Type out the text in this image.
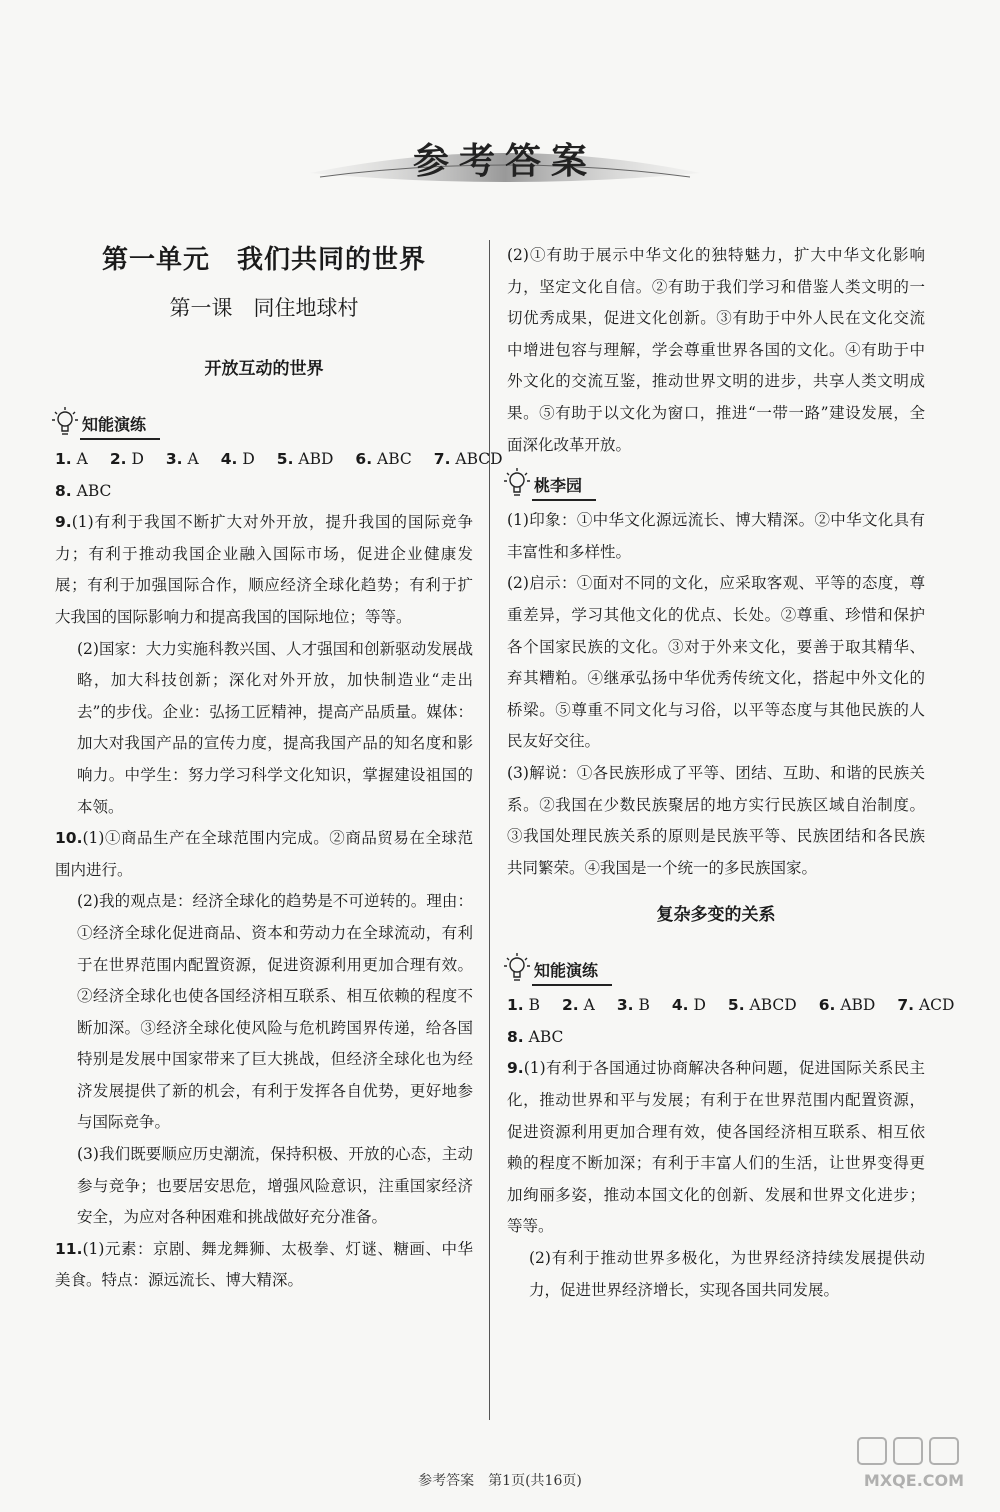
参考答案
第一单元　我们共同的世界
第一课　同住地球村
开放互动的世界
知能演练
1. A 2. D 3. A 4. D 5. ABD 6. ABC 7. ABCD

8. ABC

9.(1)有利于我国不断扩大对外开放，提升我国的国际竞争力；有利于推动我国企业融入国际市场，促进企业健康发展；有利于加强国际合作，顺应经济全球化趋势；有利于扩大我国的国际影响力和提高我国的国际地位；等等。

(2)国家：大力实施科教兴国、人才强国和创新驱动发展战略，加大科技创新；深化对外开放，加快制造业“走出去”的步伐。企业：弘扬工匠精神，提高产品质量。媒体：加大对我国产品的宣传力度，提高我国产品的知名度和影响力。中学生：努力学习科学文化知识，掌握建设祖国的本领。

10.(1)①商品生产在全球范围内完成。②商品贸易在全球范围内进行。

(2)我的观点是：经济全球化的趋势是不可逆转的。理由：①经济全球化促进商品、资本和劳动力在全球流动，有利于在世界范围内配置资源，促进资源利用更加合理有效。②经济全球化也使各国经济相互联系、相互依赖的程度不断加深。③经济全球化使风险与危机跨国界传递，给各国特别是发展中国家带来了巨大挑战，但经济全球化也为经济发展提供了新的机会，有利于发挥各自优势，更好地参与国际竞争。

(3)我们既要顺应历史潮流，保持积极、开放的心态，主动参与竞争；也要居安思危，增强风险意识，注重国家经济安全，为应对各种困难和挑战做好充分准备。

11.(1)元素：京剧、舞龙舞狮、太极拳、灯谜、糖画、中华美食。特点：源远流长、博大精深。

(2)①有助于展示中华文化的独特魅力，扩大中华文化影响力，坚定文化自信。②有助于我们学习和借鉴人类文明的一切优秀成果，促进文化创新。③有助于中外人民在文化交流中增进包容与理解，学会尊重世界各国的文化。④有助于中外文化的交流互鉴，推动世界文明的进步，共享人类文明成果。⑤有助于以文化为窗口，推进“一带一路”建设发展，全面深化改革开放。

桃李园

(1)印象：①中华文化源远流长、博大精深。②中华文化具有丰富性和多样性。

(2)启示：①面对不同的文化，应采取客观、平等的态度，尊重差异，学习其他文化的优点、长处。②尊重、珍惜和保护各个国家民族的文化。③对于外来文化，要善于取其精华、弃其糟粕。④继承弘扬中华优秀传统文化，搭起中外文化的桥梁。⑤尊重不同文化与习俗，以平等态度与其他民族的人民友好交往。

(3)解说：①各民族形成了平等、团结、互助、和谐的民族关系。②我国在少数民族聚居的地方实行民族区域自治制度。③我国处理民族关系的原则是民族平等、民族团结和各民族共同繁荣。④我国是一个统一的多民族国家。

复杂多变的关系
知能演练
1. B 2. A 3. B 4. D 5. ABCD 6. ABD 7. ACD

8. ABC

9.(1)有利于各国通过协商解决各种问题，促进国际关系民主化，推动世界和平与发展；有利于在世界范围内配置资源，促进资源利用更加合理有效，使各国经济相互联系、相互依赖的程度不断加深；有利于丰富人们的生活，让世界变得更加绚丽多姿，推动本国文化的创新、发展和世界文化进步；等等。

(2)有利于推动世界多极化，为世界经济持续发展提供动力，促进世界经济增长，实现各国共同发展。

参考答案　第1页(共16页)	MXQE.COM
